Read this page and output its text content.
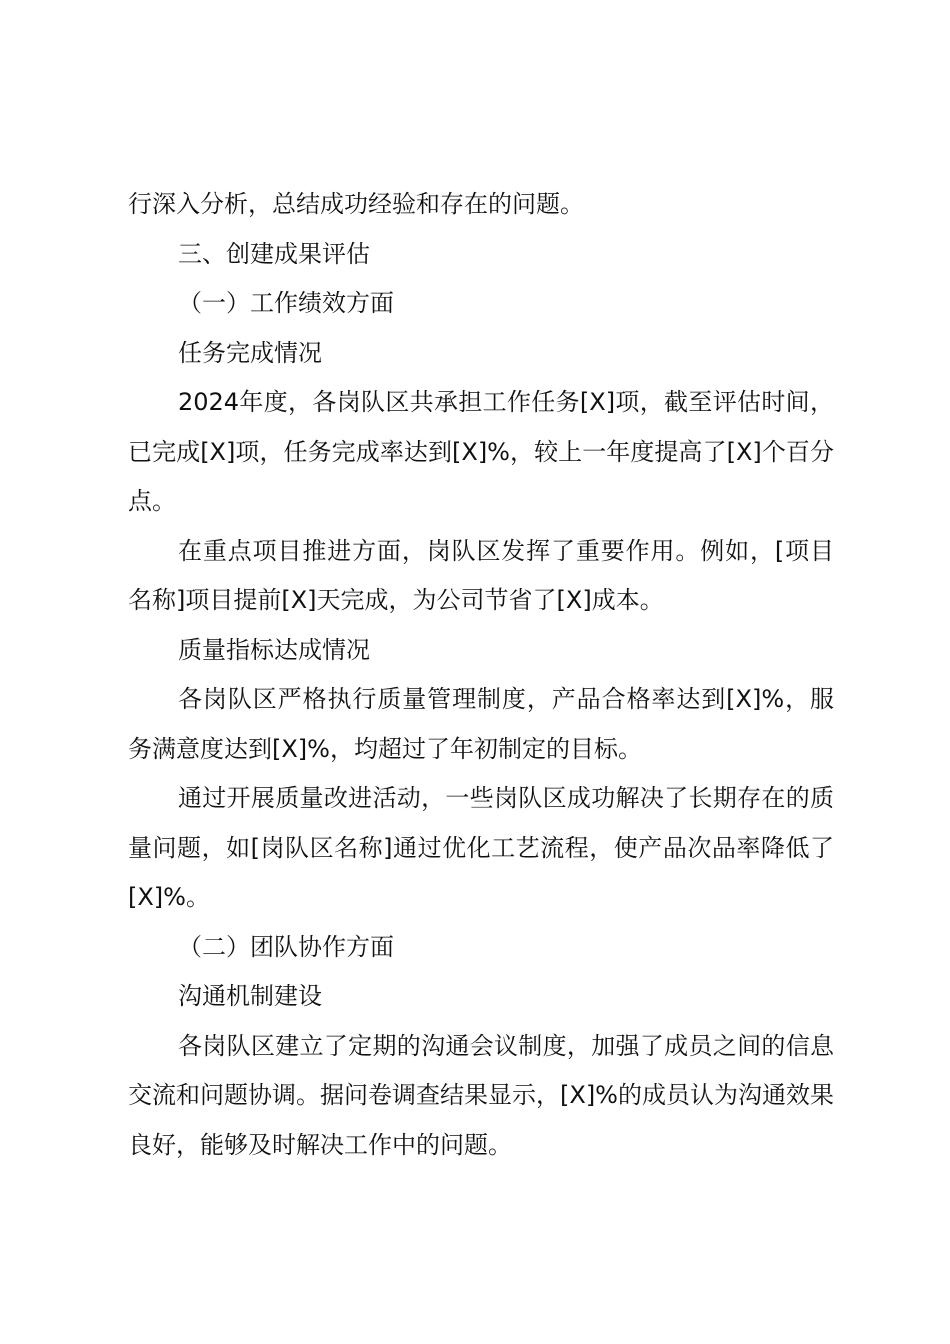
行深入分析，总结成功经验和存在的问题。

三、创建成果评估

（一）工作绩效方面

任务完成情况

2024年度，各岗队区共承担工作任务[X]项，截至评估时间，已完成[X]项，任务完成率达到[X]%，较上一年度提高了[X]个百分点。

在重点项目推进方面，岗队区发挥了重要作用。例如，[项目名称]项目提前[X]天完成，为公司节省了[X]成本。

质量指标达成情况

各岗队区严格执行质量管理制度，产品合格率达到[X]%，服务满意度达到[X]%，均超过了年初制定的目标。

通过开展质量改进活动，一些岗队区成功解决了长期存在的质量问题，如[岗队区名称]通过优化工艺流程，使产品次品率降低了[X]%。

（二）团队协作方面

沟通机制建设

各岗队区建立了定期的沟通会议制度，加强了成员之间的信息交流和问题协调。据问卷调查结果显示，[X]%的成员认为沟通效果良好，能够及时解决工作中的问题。
